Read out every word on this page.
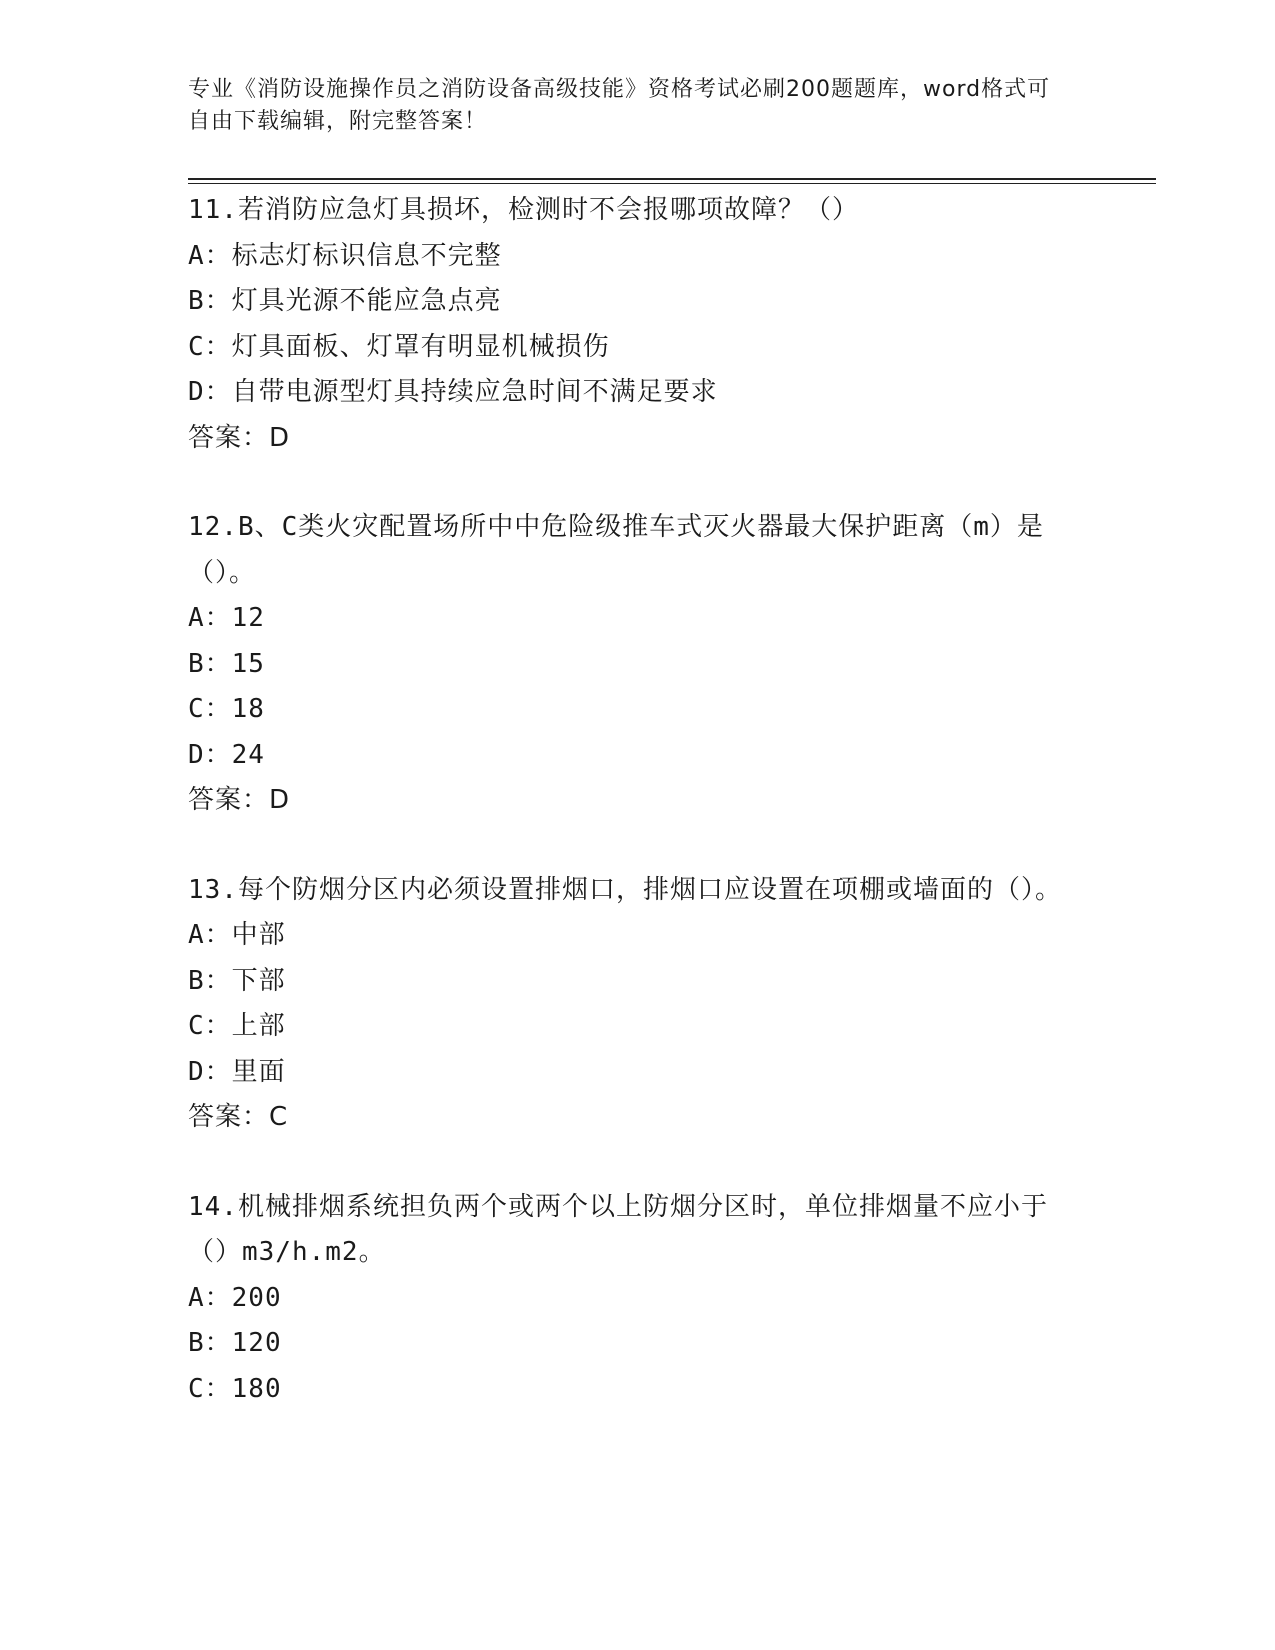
专业《消防设施操作员之消防设备高级技能》资格考试必刷200题题库，word格式可自由下载编辑，附完整答案！
11.若消防应急灯具损坏，检测时不会报哪项故障？（）
A：标志灯标识信息不完整
B：灯具光源不能应急点亮
C：灯具面板、灯罩有明显机械损伤
D：自带电源型灯具持续应急时间不满足要求
答案：D
12.B、C类火灾配置场所中中危险级推车式灭火器最大保护距离（m）是（）。
A：12
B：15
C：18
D：24
答案：D
13.每个防烟分区内必须设置排烟口，排烟口应设置在项棚或墙面的（）。
A：中部
B：下部
C：上部
D：里面
答案：C
14.机械排烟系统担负两个或两个以上防烟分区时，单位排烟量不应小于（）m3/h.m2。
A：200
B：120
C：180
